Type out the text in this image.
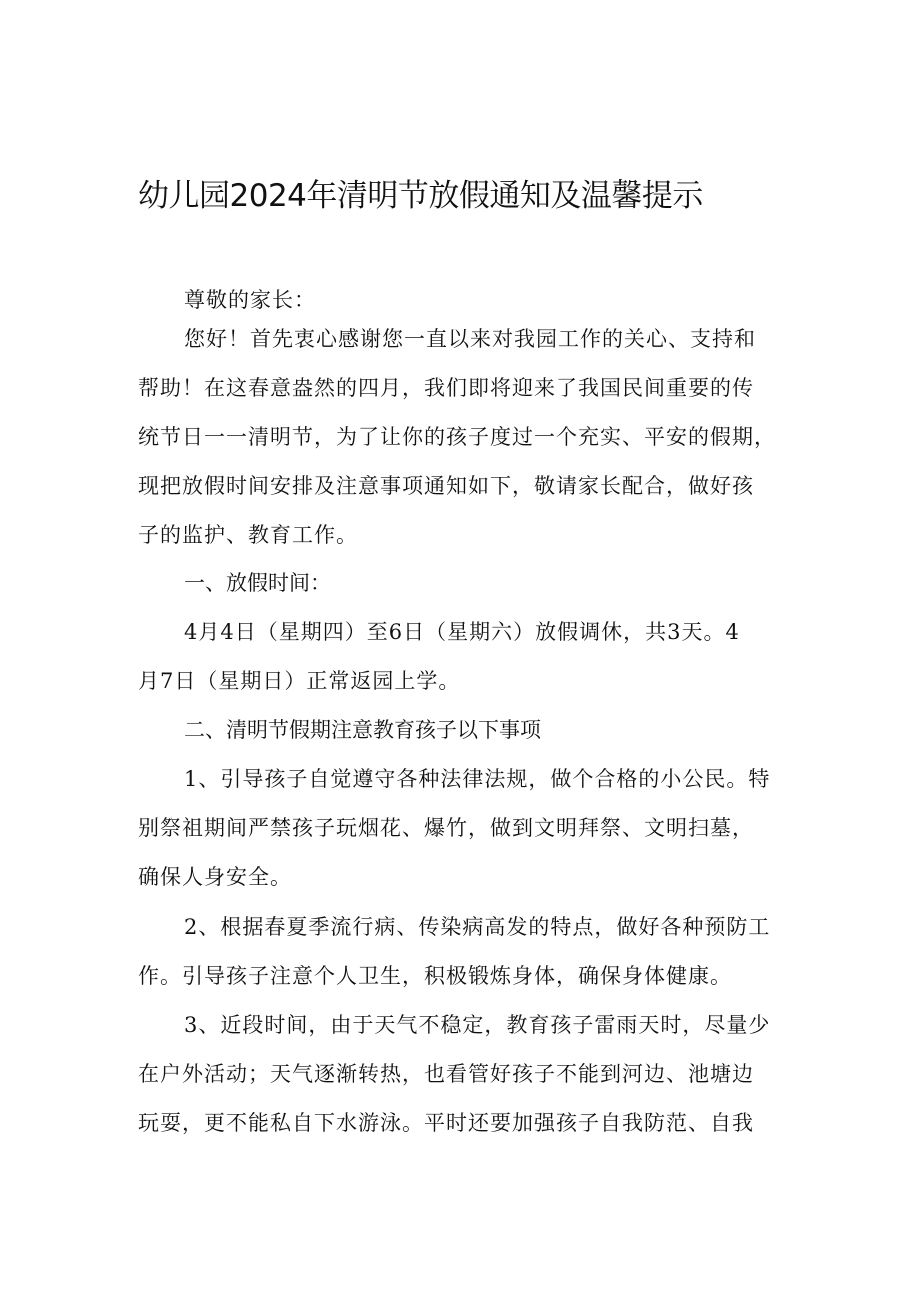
幼儿园2024年清明节放假通知及温馨提示
尊敬的家长：
您好！首先衷心感谢您一直以来对我园工作的关心、支持和
帮助！在这春意盎然的四月，我们即将迎来了我国民间重要的传
统节日一一清明节，为了让你的孩子度过一个充实、平安的假期，
现把放假时间安排及注意事项通知如下，敬请家长配合，做好孩
子的监护、教育工作。
一、放假时间：
4月4日（星期四）至6日（星期六）放假调休，共3天。4
月7日（星期日）正常返园上学。
二、清明节假期注意教育孩子以下事项
1、引导孩子自觉遵守各种法律法规，做个合格的小公民。特
别祭祖期间严禁孩子玩烟花、爆竹，做到文明拜祭、文明扫墓，
确保人身安全。
2、根据春夏季流行病、传染病高发的特点，做好各种预防工
作。引导孩子注意个人卫生，积极锻炼身体，确保身体健康。
3、近段时间，由于天气不稳定，教育孩子雷雨天时，尽量少
在户外活动；天气逐渐转热，也看管好孩子不能到河边、池塘边
玩耍，更不能私自下水游泳。平时还要加强孩子自我防范、自我
